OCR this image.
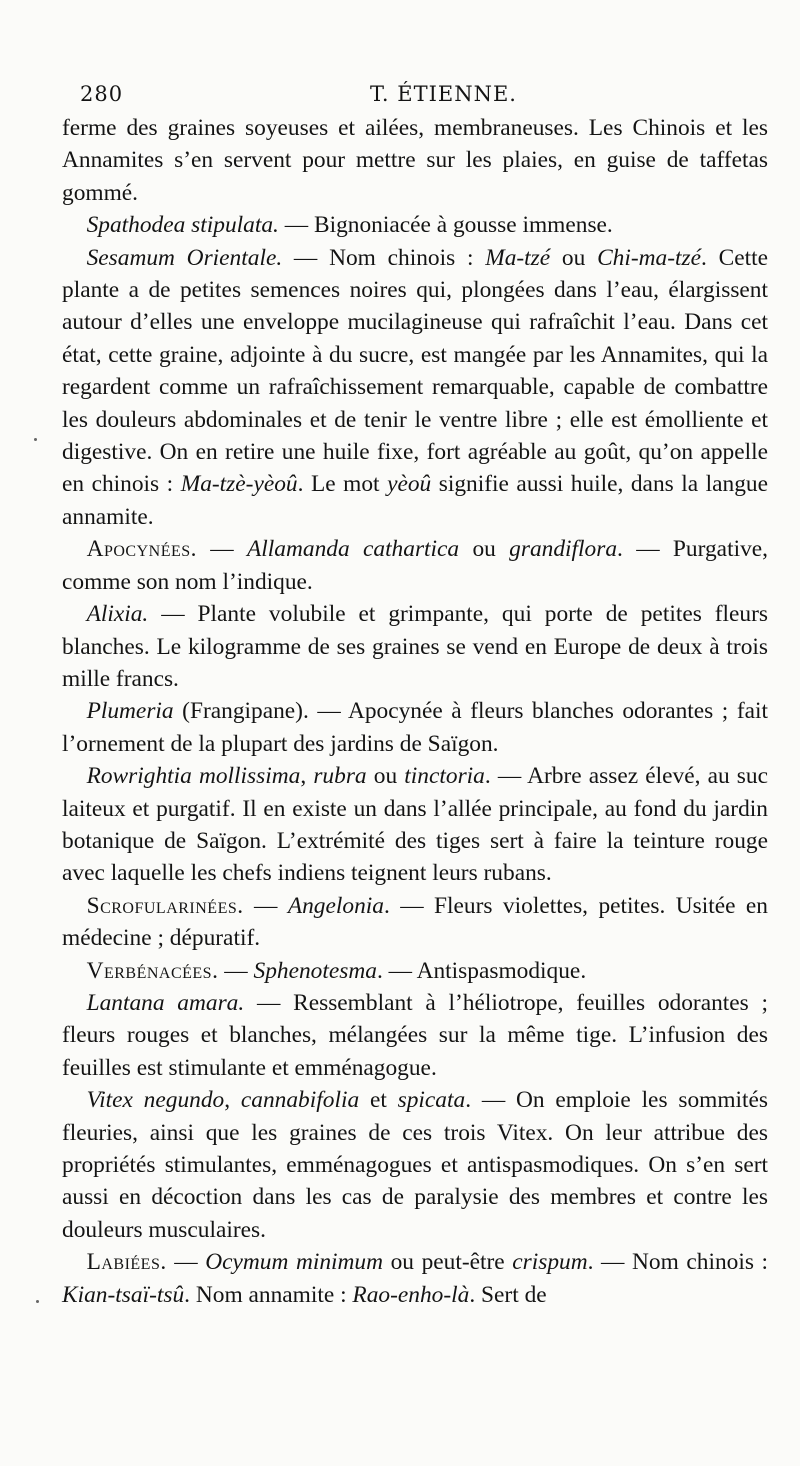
280	T. ÉTIENNE.

ferme des graines soyeuses et ailées, membraneuses. Les Chinois et les Annamites s’en servent pour mettre sur les plaies, en guise de taffetas gommé.

Spathodea stipulata. — Bignoniacée à gousse immense.

Sesamum Orientale. — Nom chinois : Ma-tzé ou Chi-ma-tzé. Cette plante a de petites semences noires qui, plongées dans l’eau, élargissent autour d’elles une enveloppe mucilagineuse qui rafraîchit l’eau. Dans cet état, cette graine, adjointe à du sucre, est mangée par les Annamites, qui la regardent comme un rafraîchissement remarquable, capable de combattre les douleurs abdominales et de tenir le ventre libre ; elle est émolliente et digestive. On en retire une huile fixe, fort agréable au goût, qu’on appelle en chinois : Ma-tzè-yèoû. Le mot yèoû signifie aussi huile, dans la langue annamite.

Apocynées. — Allamanda cathartica ou grandiflora. — Purgative, comme son nom l’indique.

Alixia. — Plante volubile et grimpante, qui porte de petites fleurs blanches. Le kilogramme de ses graines se vend en Europe de deux à trois mille francs.

Plumeria (Frangipane). — Apocynée à fleurs blanches odorantes ; fait l’ornement de la plupart des jardins de Saïgon.

Rowrightia mollissima, rubra ou tinctoria. — Arbre assez élevé, au suc laiteux et purgatif. Il en existe un dans l’allée principale, au fond du jardin botanique de Saïgon. L’extrémité des tiges sert à faire la teinture rouge avec laquelle les chefs indiens teignent leurs rubans.

Scrofularinées. — Angelonia. — Fleurs violettes, petites. Usitée en médecine ; dépuratif.

Verbénacées. — Sphenotesma. — Antispasmodique.

Lantana amara. — Ressemblant à l’héliotrope, feuilles odorantes ; fleurs rouges et blanches, mélangées sur la même tige. L’infusion des feuilles est stimulante et emménagogue.

Vitex negundo, cannabifolia et spicata. — On emploie les sommités fleuries, ainsi que les graines de ces trois Vitex. On leur attribue des propriétés stimulantes, emménagogues et antispasmodiques. On s’en sert aussi en décoction dans les cas de paralysie des membres et contre les douleurs musculaires.

Labiées. — Ocymum minimum ou peut-être crispum. — Nom chinois : Kian-tsaï-tsû. Nom annamite : Rao-enho-là. Sert de
